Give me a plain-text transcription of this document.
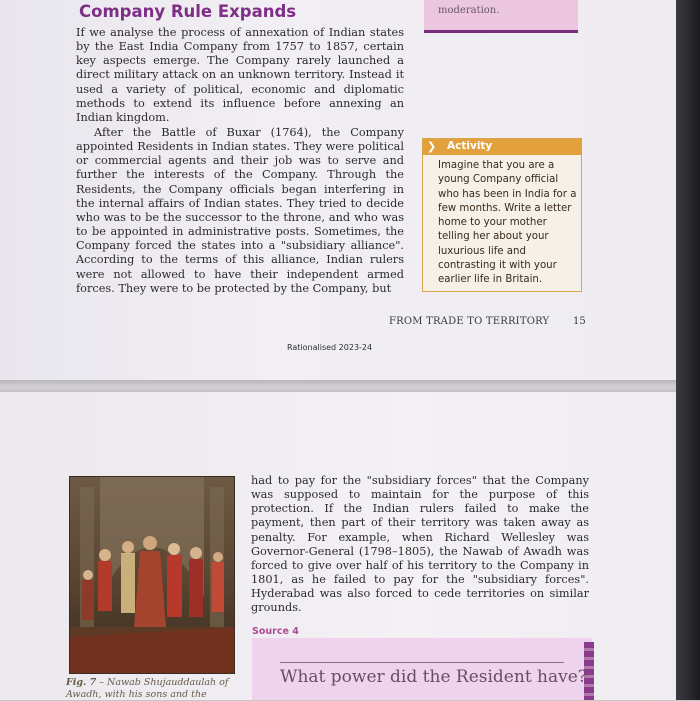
moderation.
Company Rule Expands

If we analyse the process of annexation of Indian states by the East India Company from 1757 to 1857, certain key aspects emerge. The Company rarely launched a direct military attack on an unknown territory. Instead it used a variety of political, economic and diplomatic methods to extend its influence before annexing an Indian kingdom.

After the Battle of Buxar (1764), the Company appointed Residents in Indian states. They were political or commercial agents and their job was to serve and further the interests of the Company. Through the Residents, the Company officials began interfering in the internal affairs of Indian states. They tried to decide who was to be the successor to the throne, and who was to be appointed in administrative posts. Sometimes, the Company forced the states into a "subsidiary alliance". According to the terms of this alliance, Indian rulers were not allowed to have their independent armed forces. They were to be protected by the Company, but

❯ Activity

Imagine that you are a young Company official who has been in India for a few months. Write a letter home to your mother telling her about your luxurious life and contrasting it with your earlier life in Britain.

FROM TRADE TO TERRITORY 15
Rationalised 2023-24

Fig. 7 – Nawab Shujauddaulah of Awadh, with his sons and the

had to pay for the "subsidiary forces" that the Company was supposed to maintain for the purpose of this protection. If the Indian rulers failed to make the payment, then part of their territory was taken away as penalty. For example, when Richard Wellesley was Governor-General (1798–1805), the Nawab of Awadh was forced to give over half of his territory to the Company in 1801, as he failed to pay for the "subsidiary forces". Hyderabad was also forced to cede territories on similar grounds.

Source 4

What power did the Resident have?
